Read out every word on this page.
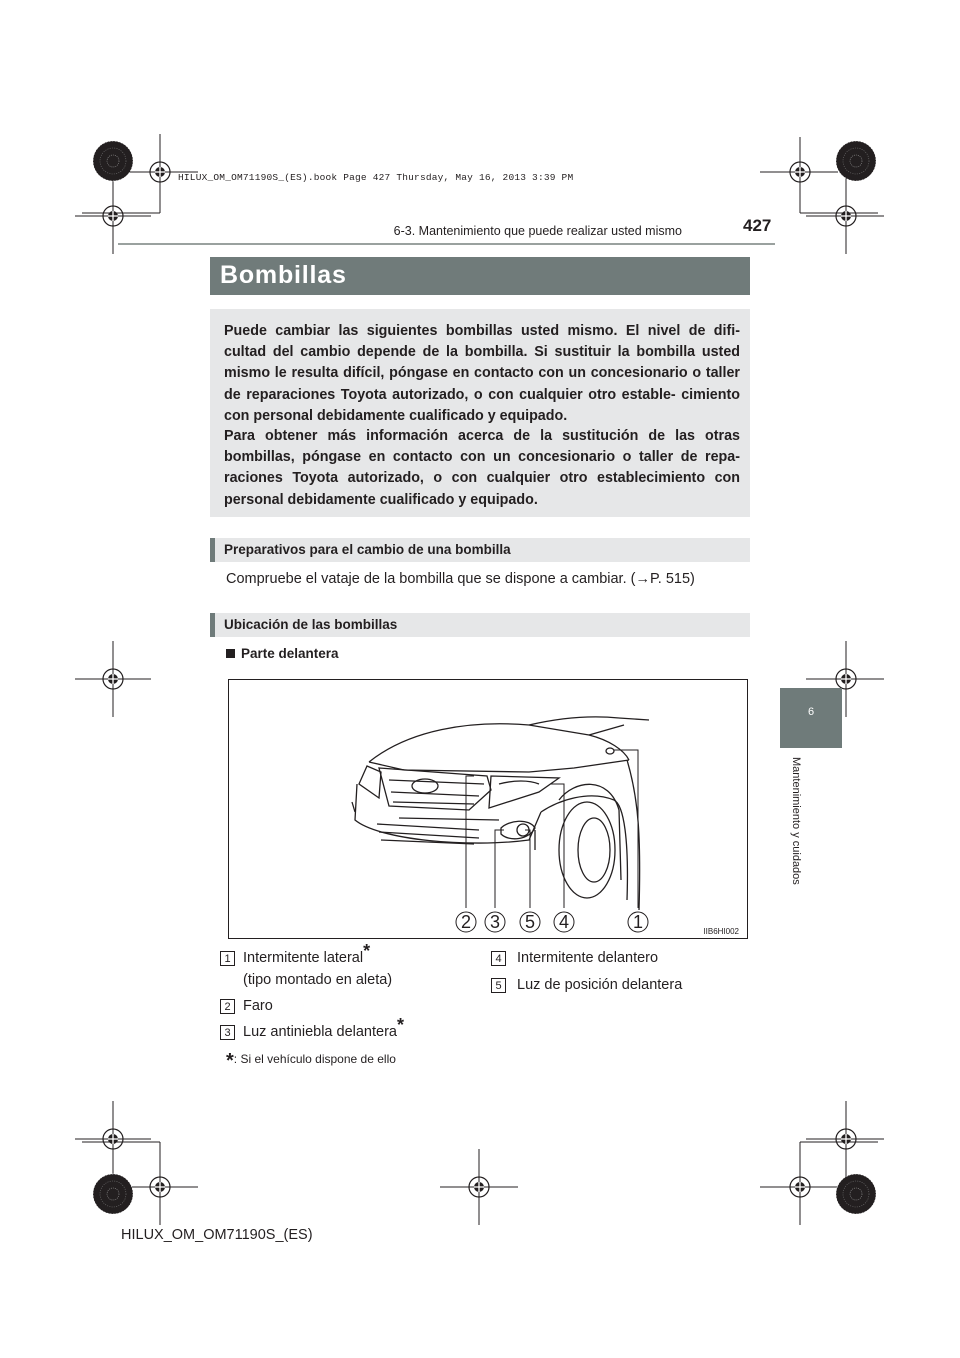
HILUX_OM_OM71190S_(ES).book Page 427 Thursday, May 16, 2013 3:39 PM
6-3. Mantenimiento que puede realizar usted mismo	427
6
Mantenimiento y cuidados
Bombillas

Puede cambiar las siguientes bombillas usted mismo. El nivel de difi- cultad del cambio depende de la bombilla. Si sustituir la bombilla usted mismo le resulta difícil, póngase en contacto con un concesionario o taller de reparaciones Toyota autorizado, o con cualquier otro estable- cimiento con personal debidamente cualificado y equipado.

Para obtener más información acerca de la sustitución de las otras bombillas, póngase en contacto con un concesionario o taller de repa- raciones Toyota autorizado, o con cualquier otro establecimiento con personal debidamente cualificado y equipado.

Preparativos para el cambio de una bombilla
Compruebe el vataje de la bombilla que se dispone a cambiar. (→P. 515)
Ubicación de las bombillas
Parte delantera
2 3 5 4	1	IIB6HI002
1 Intermitente lateral*
(tipo montado en aleta)
2 Faro
3 Luz antiniebla delantera*
4	Intermitente delantero
5	Luz de posición delantera
*: Si el vehículo dispone de ello
HILUX_OM_OM71190S_(ES)
